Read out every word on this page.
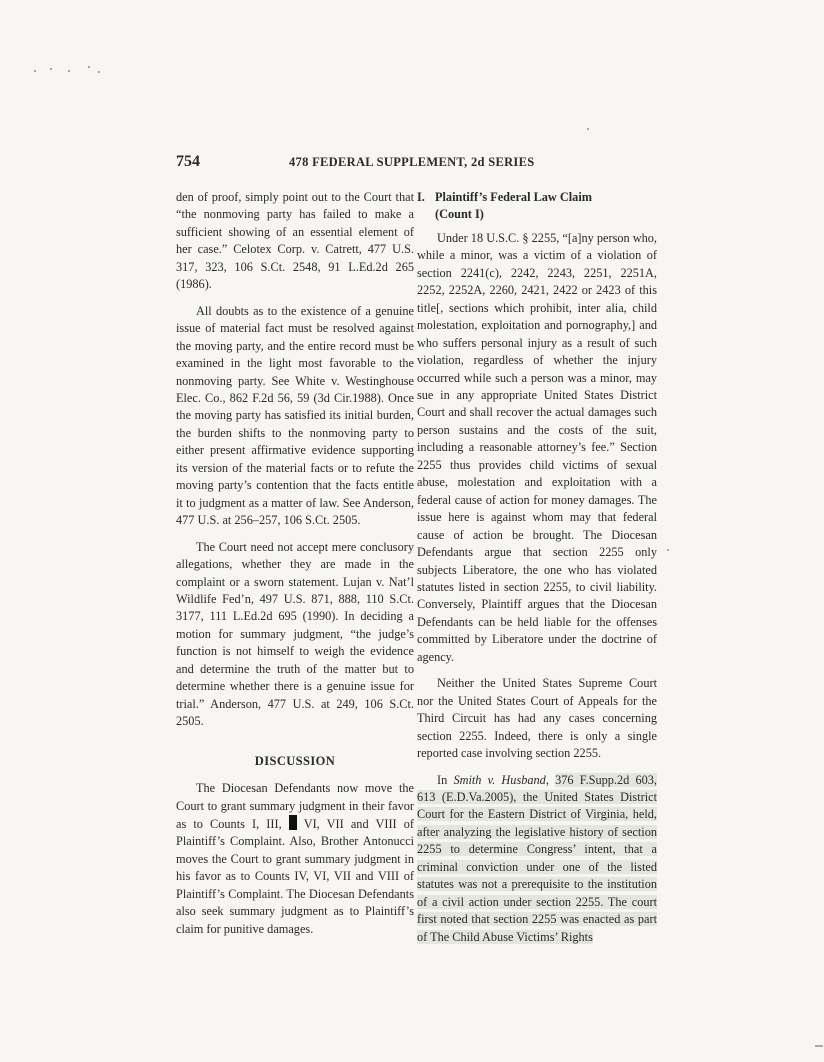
754	478 FEDERAL SUPPLEMENT, 2d SERIES

den of proof, simply point out to the Court that “the nonmoving party has failed to make a sufficient showing of an essential element of her case.” Celotex Corp. v. Catrett, 477 U.S. 317, 323, 106 S.Ct. 2548, 91 L.Ed.2d 265 (1986).

All doubts as to the existence of a genuine issue of material fact must be resolved against the moving party, and the entire record must be examined in the light most favorable to the nonmoving party. See White v. Westinghouse Elec. Co., 862 F.2d 56, 59 (3d Cir.1988). Once the moving party has satisfied its initial burden, the burden shifts to the nonmoving party to either present affirmative evidence supporting its version of the material facts or to refute the moving party’s contention that the facts entitle it to judgment as a matter of law. See Anderson, 477 U.S. at 256–257, 106 S.Ct. 2505.

The Court need not accept mere conclusory allegations, whether they are made in the complaint or a sworn statement. Lujan v. Nat’l Wildlife Fed’n, 497 U.S. 871, 888, 110 S.Ct. 3177, 111 L.Ed.2d 695 (1990). In deciding a motion for summary judgment, “the judge’s function is not himself to weigh the evidence and determine the truth of the matter but to determine whether there is a genuine issue for trial.” Anderson, 477 U.S. at 249, 106 S.Ct. 2505.

DISCUSSION

The Diocesan Defendants now move the Court to grant summary judgment in their favor as to Counts I, III, VI, VII and VIII of Plaintiff’s Complaint. Also, Brother Antonucci moves the Court to grant summary judgment in his favor as to Counts IV, VI, VII and VIII of Plaintiff’s Complaint. The Diocesan Defendants also seek summary judgment as to Plaintiff’s claim for punitive damages.

I. Plaintiff’s Federal Law Claim
(Count I)

Under 18 U.S.C. § 2255, “[a]ny person who, while a minor, was a victim of a violation of section 2241(c), 2242, 2243, 2251, 2251A, 2252, 2252A, 2260, 2421, 2422 or 2423 of this title[, sections which prohibit, inter alia, child molestation, exploitation and pornography,] and who suffers personal injury as a result of such violation, regardless of whether the injury occurred while such a person was a minor, may sue in any appropriate United States District Court and shall recover the actual damages such person sustains and the costs of the suit, including a reasonable attorney’s fee.” Section 2255 thus provides child victims of sexual abuse, molestation and exploitation with a federal cause of action for money damages. The issue here is against whom may that federal cause of action be brought. The Diocesan Defendants argue that section 2255 only subjects Liberatore, the one who has violated statutes listed in section 2255, to civil liability. Conversely, Plaintiff argues that the Diocesan Defendants can be held liable for the offenses committed by Liberatore under the doctrine of agency.

Neither the United States Supreme Court nor the United States Court of Appeals for the Third Circuit has had any cases concerning section 2255. Indeed, there is only a single reported case involving section 2255.

In Smith v. Husband, 376 F.Supp.2d 603, 613 (E.D.Va.2005), the United States District Court for the Eastern District of Virginia, held, after analyzing the legislative history of section 2255 to determine Congress’ intent, that a criminal conviction under one of the listed statutes was not a prerequisite to the institution of a civil action under section 2255. The court first noted that section 2255 was enacted as part of The Child Abuse Victims’ Rights
